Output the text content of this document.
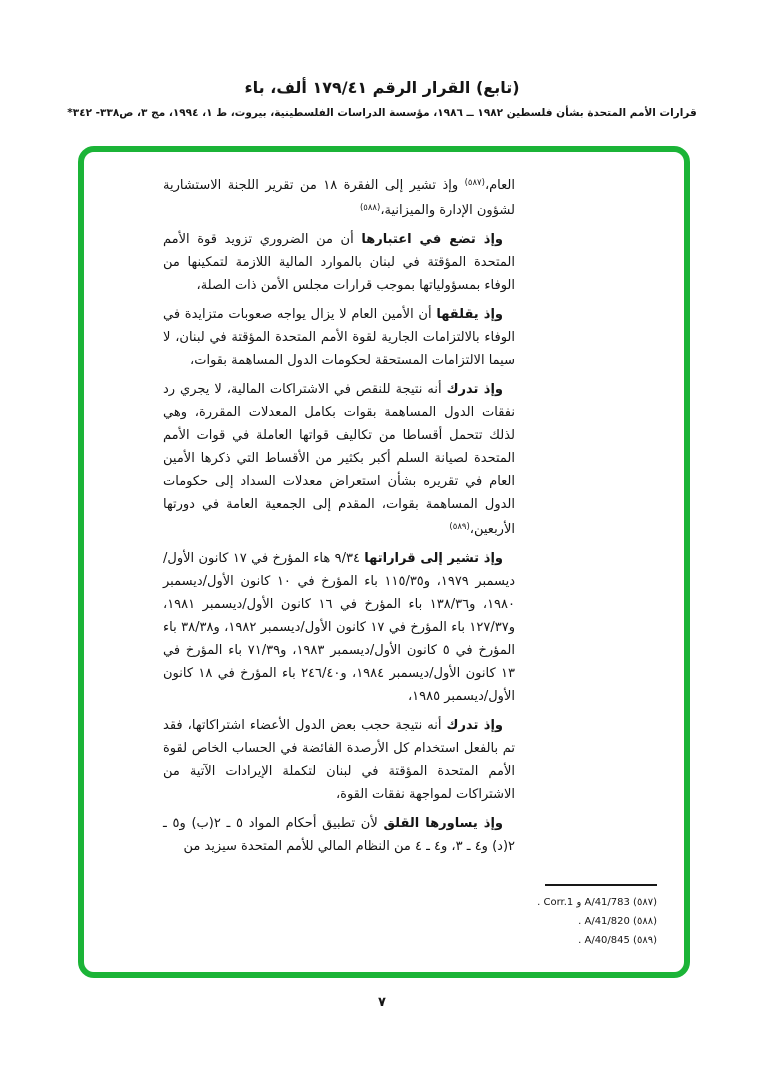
(تابع) القرار الرقم ١٧٩/٤١ ألف، باء
قرارات الأمم المتحدة بشأن فلسطين ١٩٨٢ ــ ١٩٨٦، مؤسسة الدراسات الفلسطينية، بيروت، ط ١، ١٩٩٤، مج ٣، ص٣٣٨- ٣٤٢*

العام،$^{(٥٨٧)}$ وإذ تشير إلى الفقرة ١٨ من تقرير اللجنة الاستشارية لشؤون الإدارة والميزانية،$^{(٥٨٨)}$

وإذ تضع في اعتبارها أن من الضروري تزويد قوة الأمم المتحدة المؤقتة في لبنان بالموارد المالية اللازمة لتمكينها من الوفاء بمسؤولياتها بموجب قرارات مجلس الأمن ذات الصلة،

وإذ يقلقها أن الأمين العام لا يزال يواجه صعوبات متزايدة في الوفاء بالالتزامات الجارية لقوة الأمم المتحدة المؤقتة في لبنان، لا سيما الالتزامات المستحقة لحكومات الدول المساهمة بقوات،

وإذ تدرك أنه نتيجة للنقص في الاشتراكات المالية، لا يجري رد نفقات الدول المساهمة بقوات بكامل المعدلات المقررة، وهي لذلك تتحمل أقساطا من تكاليف قواتها العاملة في قوات الأمم المتحدة لصيانة السلم أكبر بكثير من الأقساط التي ذكرها الأمين العام في تقريره بشأن استعراض معدلات السداد إلى حكومات الدول المساهمة بقوات، المقدم إلى الجمعية العامة في دورتها الأربعين،$^{(٥٨٩)}$

وإذ تشير إلى قراراتها ٩/٣٤ هاء المؤرخ في ١٧ كانون الأول/ديسمبر ١٩٧٩، و١١٥/٣٥ باء المؤرخ في ١٠ كانون الأول/ديسمبر ١٩٨٠، و١٣٨/٣٦ باء المؤرخ في ١٦ كانون الأول/ديسمبر ١٩٨١، و١٢٧/٣٧ باء المؤرخ في ١٧ كانون الأول/ديسمبر ١٩٨٢، و٣٨/٣٨ باء المؤرخ في ٥ كانون الأول/ديسمبر ١٩٨٣، و٧١/٣٩ باء المؤرخ في ١٣ كانون الأول/ديسمبر ١٩٨٤، و٢٤٦/٤٠ باء المؤرخ في ١٨ كانون الأول/ديسمبر ١٩٨٥،

وإذ تدرك أنه نتيجة حجب بعض الدول الأعضاء اشتراكاتها، فقد تم بالفعل استخدام كل الأرصدة الفائضة في الحساب الخاص لقوة الأمم المتحدة المؤقتة في لبنان لتكملة الإيرادات الآتية من الاشتراكات لمواجهة نفقات القوة،

وإذ يساورها القلق لأن تطبيق أحكام المواد ٥ ـ ٢(ب) و٥ ـ ٢(د) و٤ ـ ٣، و٤ ـ ٤ من النظام المالي للأمم المتحدة سيزيد من

(٥٨٧) A/41/783 و Corr.1 .
(٥٨٨) A/41/820 .
(٥٨٩) A/40/845 .
٧
